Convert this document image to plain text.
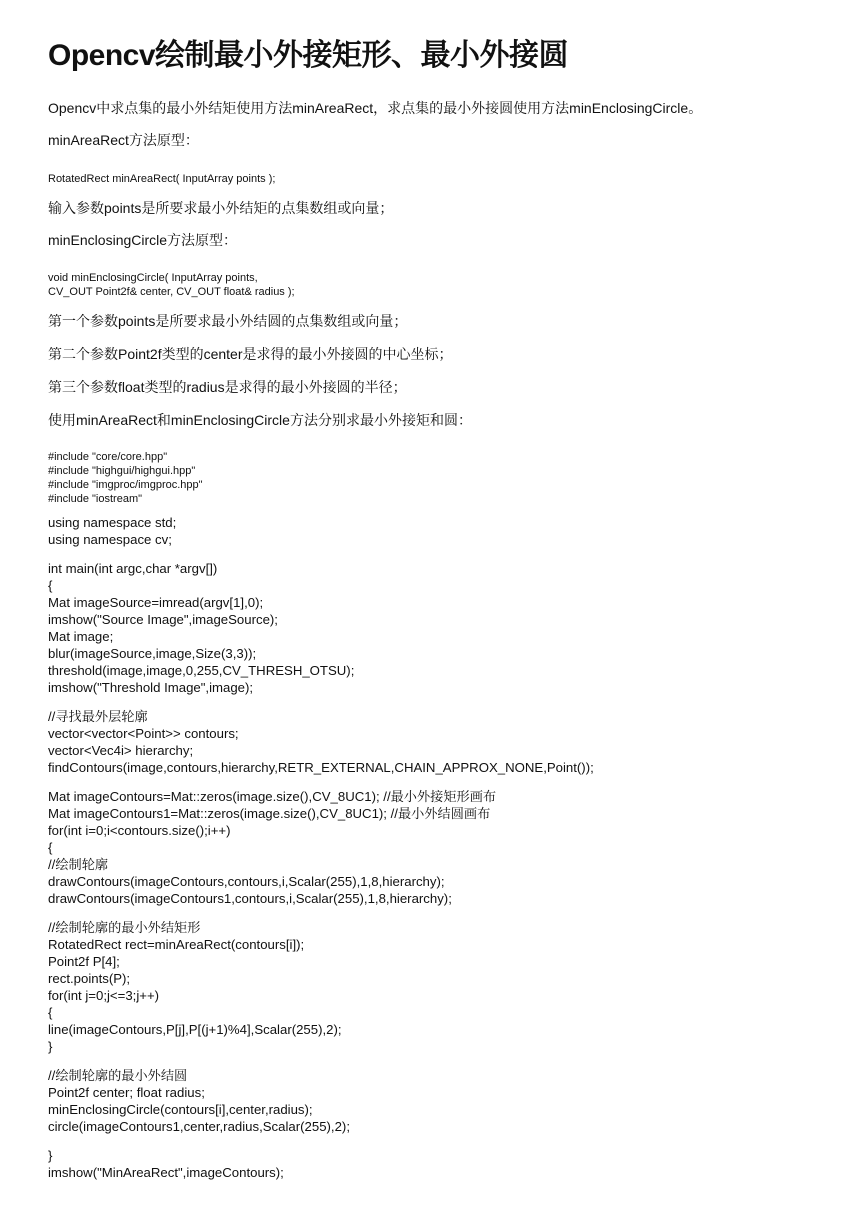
Opencv绘制最小外接矩形、最小外接圆

Opencv中求点集的最小外结矩使用方法minAreaRect，求点集的最小外接圆使用方法minEnclosingCircle。

minAreaRect方法原型：

RotatedRect minAreaRect( InputArray points );

输入参数points是所要求最小外结矩的点集数组或向量；

minEnclosingCircle方法原型：

void minEnclosingCircle( InputArray points,

CV_OUT Point2f& center, CV_OUT float& radius );

第一个参数points是所要求最小外结圆的点集数组或向量；

第二个参数Point2f类型的center是求得的最小外接圆的中心坐标；

第三个参数float类型的radius是求得的最小外接圆的半径；

使用minAreaRect和minEnclosingCircle方法分别求最小外接矩和圆：

#include "core/core.hpp"

#include "highgui/highgui.hpp"

#include "imgproc/imgproc.hpp"

#include "iostream"

using namespace std;

using namespace cv;

int main(int argc,char *argv[])

{

Mat imageSource=imread(argv[1],0);

imshow("Source Image",imageSource);

Mat image;

blur(imageSource,image,Size(3,3));

threshold(image,image,0,255,CV_THRESH_OTSU);

imshow("Threshold Image",image);

//寻找最外层轮廓

vector<vector<Point>> contours;

vector<Vec4i> hierarchy;

findContours(image,contours,hierarchy,RETR_EXTERNAL,CHAIN_APPROX_NONE,Point());

Mat imageContours=Mat::zeros(image.size(),CV_8UC1); //最小外接矩形画布

Mat imageContours1=Mat::zeros(image.size(),CV_8UC1); //最小外结圆画布

for(int i=0;i<contours.size();i++)

{

//绘制轮廓

drawContours(imageContours,contours,i,Scalar(255),1,8,hierarchy);

drawContours(imageContours1,contours,i,Scalar(255),1,8,hierarchy);

//绘制轮廓的最小外结矩形

RotatedRect rect=minAreaRect(contours[i]);

Point2f P[4];

rect.points(P);

for(int j=0;j<=3;j++)

{

line(imageContours,P[j],P[(j+1)%4],Scalar(255),2);

}

//绘制轮廓的最小外结圆

Point2f center; float radius;

minEnclosingCircle(contours[i],center,radius);

circle(imageContours1,center,radius,Scalar(255),2);

}

imshow("MinAreaRect",imageContours);
